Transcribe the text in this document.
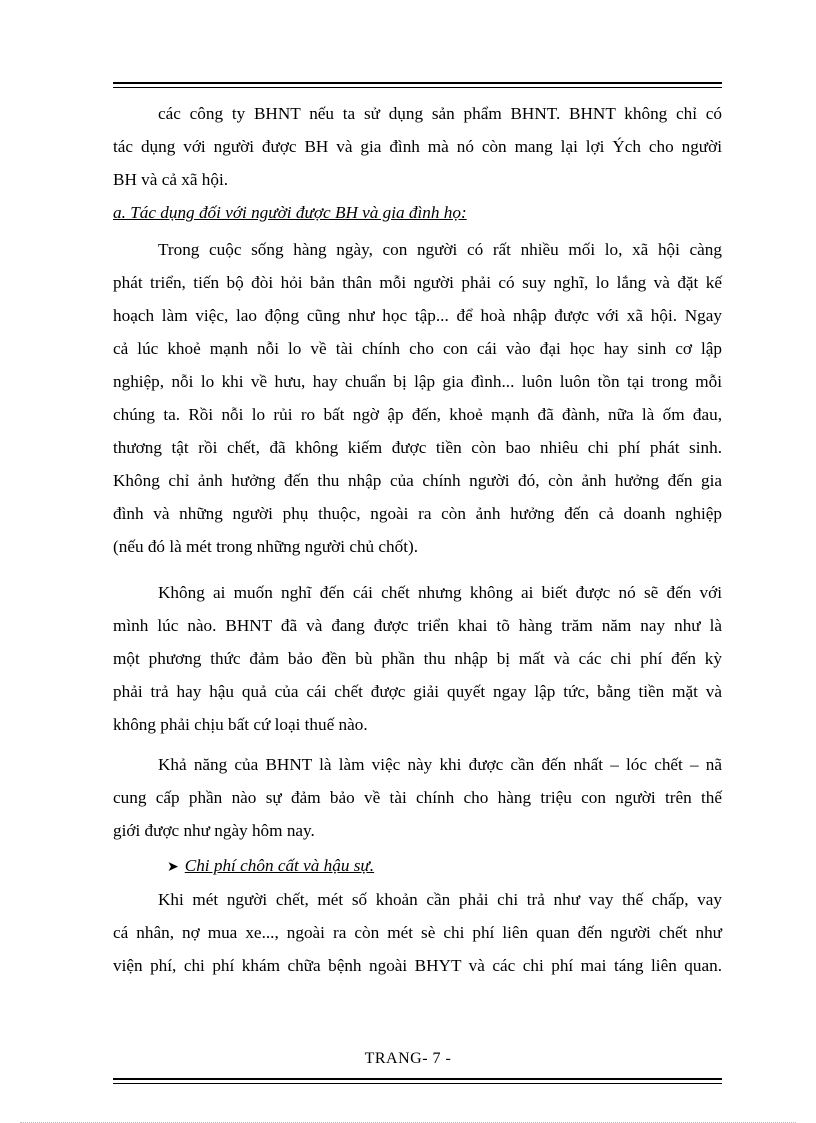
các công ty BHNT nếu ta sử dụng sản phẩm BHNT. BHNT không chỉ có
tác dụng với người được BH và gia đình mà nó còn mang lại lợi Ých cho người
BH và cả xã hội.
a. Tác dụng đối với người được BH và gia đình họ:
Trong cuộc sống hàng ngày, con người có rất nhiều mối lo, xã hội càng
phát triển, tiến bộ đòi hỏi bản thân mỗi người phải có suy nghĩ, lo lắng và đặt kế
hoạch làm việc, lao động cũng như học tập... để hoà nhập được với xã hội. Ngay
cả lúc khoẻ mạnh nỗi lo về tài chính cho con cái vào đại học hay sinh cơ lập
nghiệp, nỗi lo khi về hưu, hay chuẩn bị lập gia đình... luôn luôn tồn tại trong mỗi
chúng ta. Rồi nỗi lo rủi ro bất ngờ ập đến, khoẻ mạnh đã đành, nữa là ốm đau,
thương tật rồi chết, đã không kiếm được tiền còn bao nhiêu chi phí phát sinh.
Không chỉ ảnh hưởng đến thu nhập của chính người đó, còn ảnh hưởng đến gia
đình và những người phụ thuộc, ngoài ra còn ảnh hưởng đến cả doanh nghiệp
(nếu đó là mét trong những người chủ chốt).
Không ai muốn nghĩ đến cái chết nhưng không ai biết được nó sẽ đến với
mình lúc nào. BHNT đã và đang được triển khai tõ hàng trăm năm nay như là
một phương thức đảm bảo đền bù phần thu nhập bị mất và các chi phí đến kỳ
phải trả hay hậu quả của cái chết được giải quyết ngay lập tức, bằng tiền mặt và
không phải chịu bất cứ loại thuế nào.
Khả năng của BHNT là làm việc này khi được cần đến nhất – lóc chết – nã
cung cấp phần nào sự đảm bảo về tài chính cho hàng triệu con người trên thế
giới được như ngày hôm nay.
➤ Chi phí chôn cất và hậu sự.
Khi mét người chết, mét số khoản cần phải chi trả như vay thế chấp, vay
cá nhân, nợ mua xe..., ngoài ra còn mét sè chi phí liên quan đến người chết như
viện phí, chi phí khám chữa bệnh ngoài BHYT và các chi phí mai táng liên quan.
TRANG- 7 -
